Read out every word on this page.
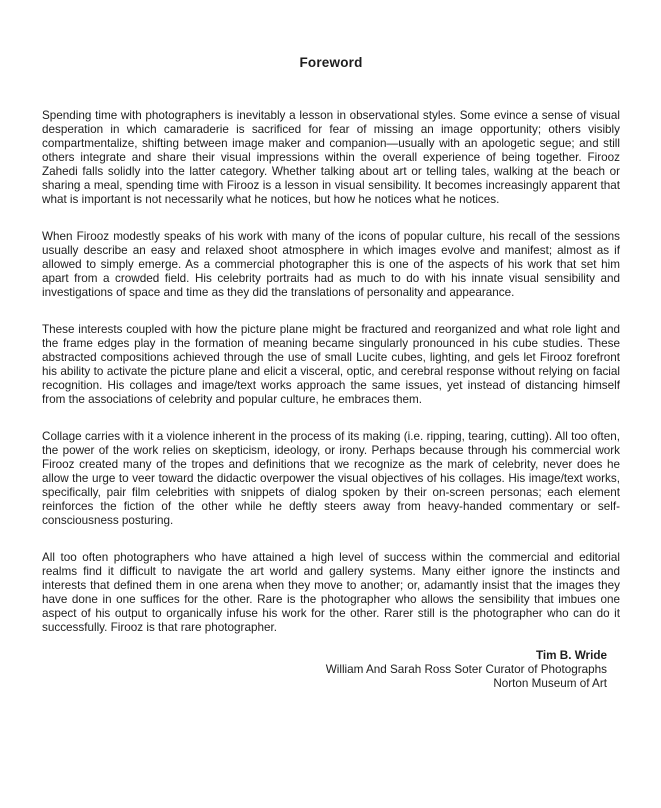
Foreword

Spending time with photographers is inevitably a lesson in observational styles. Some evince a sense of visual desperation in which camaraderie is sacrificed for fear of missing an image opportunity; others visibly compartmentalize, shifting between image maker and companion—usually with an apologetic segue; and still others integrate and share their visual impressions within the overall experience of being together. Firooz Zahedi falls solidly into the latter category. Whether talking about art or telling tales, walking at the beach or sharing a meal, spending time with Firooz is a lesson in visual sensibility. It becomes increasingly apparent that what is important is not necessarily what he notices, but how he notices what he notices.

When Firooz modestly speaks of his work with many of the icons of popular culture, his recall of the sessions usually describe an easy and relaxed shoot atmosphere in which images evolve and manifest; almost as if allowed to simply emerge. As a commercial photographer this is one of the aspects of his work that set him apart from a crowded field. His celebrity portraits had as much to do with his innate visual sensibility and investigations of space and time as they did the translations of personality and appearance.

These interests coupled with how the picture plane might be fractured and reorganized and what role light and the frame edges play in the formation of meaning became singularly pronounced in his cube studies. These abstracted compositions achieved through the use of small Lucite cubes, lighting, and gels let Firooz forefront his ability to activate the picture plane and elicit a visceral, optic, and cerebral response without relying on facial recognition. His collages and image/text works approach the same issues, yet instead of distancing himself from the associations of celebrity and popular culture, he embraces them.

Collage carries with it a violence inherent in the process of its making (i.e. ripping, tearing, cutting). All too often, the power of the work relies on skepticism, ideology, or irony. Perhaps because through his commercial work Firooz created many of the tropes and definitions that we recognize as the mark of celebrity, never does he allow the urge to veer toward the didactic overpower the visual objectives of his collages. His image/text works, specifically, pair film celebrities with snippets of dialog spoken by their on-screen personas; each element reinforces the fiction of the other while he deftly steers away from heavy-handed commentary or self-consciousness posturing.

All too often photographers who have attained a high level of success within the commercial and editorial realms find it difficult to navigate the art world and gallery systems. Many either ignore the instincts and interests that defined them in one arena when they move to another; or, adamantly insist that the images they have done in one suffices for the other. Rare is the photographer who allows the sensibility that imbues one aspect of his output to organically infuse his work for the other. Rarer still is the photographer who can do it successfully. Firooz is that rare photographer.

Tim B. Wride
William And Sarah Ross Soter Curator of Photographs
Norton Museum of Art
